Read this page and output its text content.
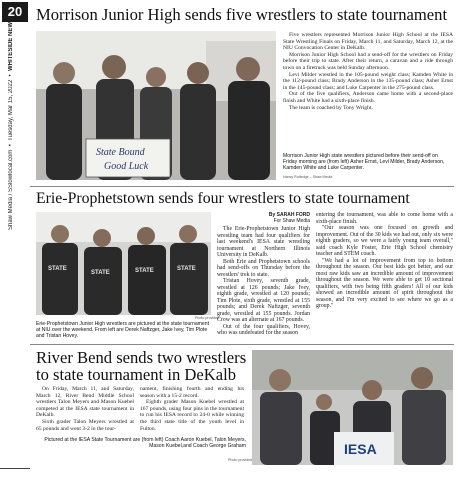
20
Shaw Media / SSlowlocal.com  •  Tuesday, Mar 15, 2022  •  WHITESIDE NEWS
Morrison Junior High sends five wrestlers to state tournament
State Bound
Good Luck

Five wrestlers represented Morrison Junior High School at the IESA State Wrestling Finals on Friday, March 11, and Saturday, March 12, at the NIU Convocation Center in DeKalb.

Morrison Junior High School had a send-off for the wrestlers on Friday before their trip to state. After their return, a caravan and a ride through town on a firetruck was held Sunday afternoon.

Levi Milder wrestled in the 105-pound weight class; Kamden White in the 112-pound class; Brady Anderson in the 135-pound class; Asher Ernst in the 145-pound class; and Luke Carpenter in the 275-pound class.

Out of the five qualifiers, Anderson came home with a second-place finish and White had a sixth-place finish.

The team is coached by Tony Wright.

Morrison Junior High state wrestlers pictured before their send-off on Friday morning are (from left) Asher Ernst, Levi Milder, Brady Anderson, Kamden White and Luke Carpenter.
Nancy Rutledge – Shaw Media
Erie-Prophetstown sends four wrestlers to state tournament
STATE
STATE	STATE	STATE
Photo provided
Erie-Prophetstown Junior High wrestlers are pictured at the state tournament at NIU over the weekend. From left are Derek Naftzger, Jake Ivey, Tim Plote and Tristan Hovey.
By SARAH FORD
For Shaw Media

The Erie-Prophetstown Junior High wrestling team had four qualifiers for last weekend's IESA state wrestling tournament at Northern Illinois University in DeKalb.

Both Erie and Prophetstown schools had send-offs on Thursday before the wrestlers' trek to state.

Tristan Hovey, seventh grade, wrestled at 126 pounds; Jake Ivey, eighth grade, wrestled at 120 pounds; Tim Plote, sixth grade, wrestled at 155 pounds; and Derek Naftzger, seventh grade, wrestled at 155 pounds. Jordan Crow was an alternate at 167 pounds.

Out of the four qualifiers, Hovey, who was undefeated for the season

entering the tournament, was able to come home with a sixth-place finish.

"Our season was one focused on growth and improvement. Out of the 30 kids we had out, only six were eighth graders, so we were a fairly young team overall," said coach Kyle Foster, Erie High School chemistry teacher and STEM coach.

"We had a lot of improvement from top to bottom throughout the season. Our best kids got better, and our most raw kids saw an incredible amount of improvement throughout the season. We were able to get 10 sectional qualifiers, with two being fifth graders! All of our kids showed an incredible amount of spirit throughout the season, and I'm very excited to see where we go as a group."

River Bend sends two wrestlers
to state tournament in DeKalb

On Friday, March 11, and Saturday, March 12, River Bend Middle School wrestlers Talon Meyers and Mason Kuebel competed at the IESA state tournament in DeKalb.

Sixth grader Talon Meyers wrestled at 65 pounds and went 3-2 in the tour-

nament, finishing fourth and ending his season with a 15-2 record.

Eighth grader Mason Kuebel wrestled at 167 pounds, using four pins in the tournament to run his IESA record to 24-0 while winning the third state title of the youth level in Fulton.

IESA
Pictured at the IESA State Tournament are (from left) Coach Aaron Kuebel, Talon Meyers,
Mason Kuebel,and Coach George Graham
Photo provided
